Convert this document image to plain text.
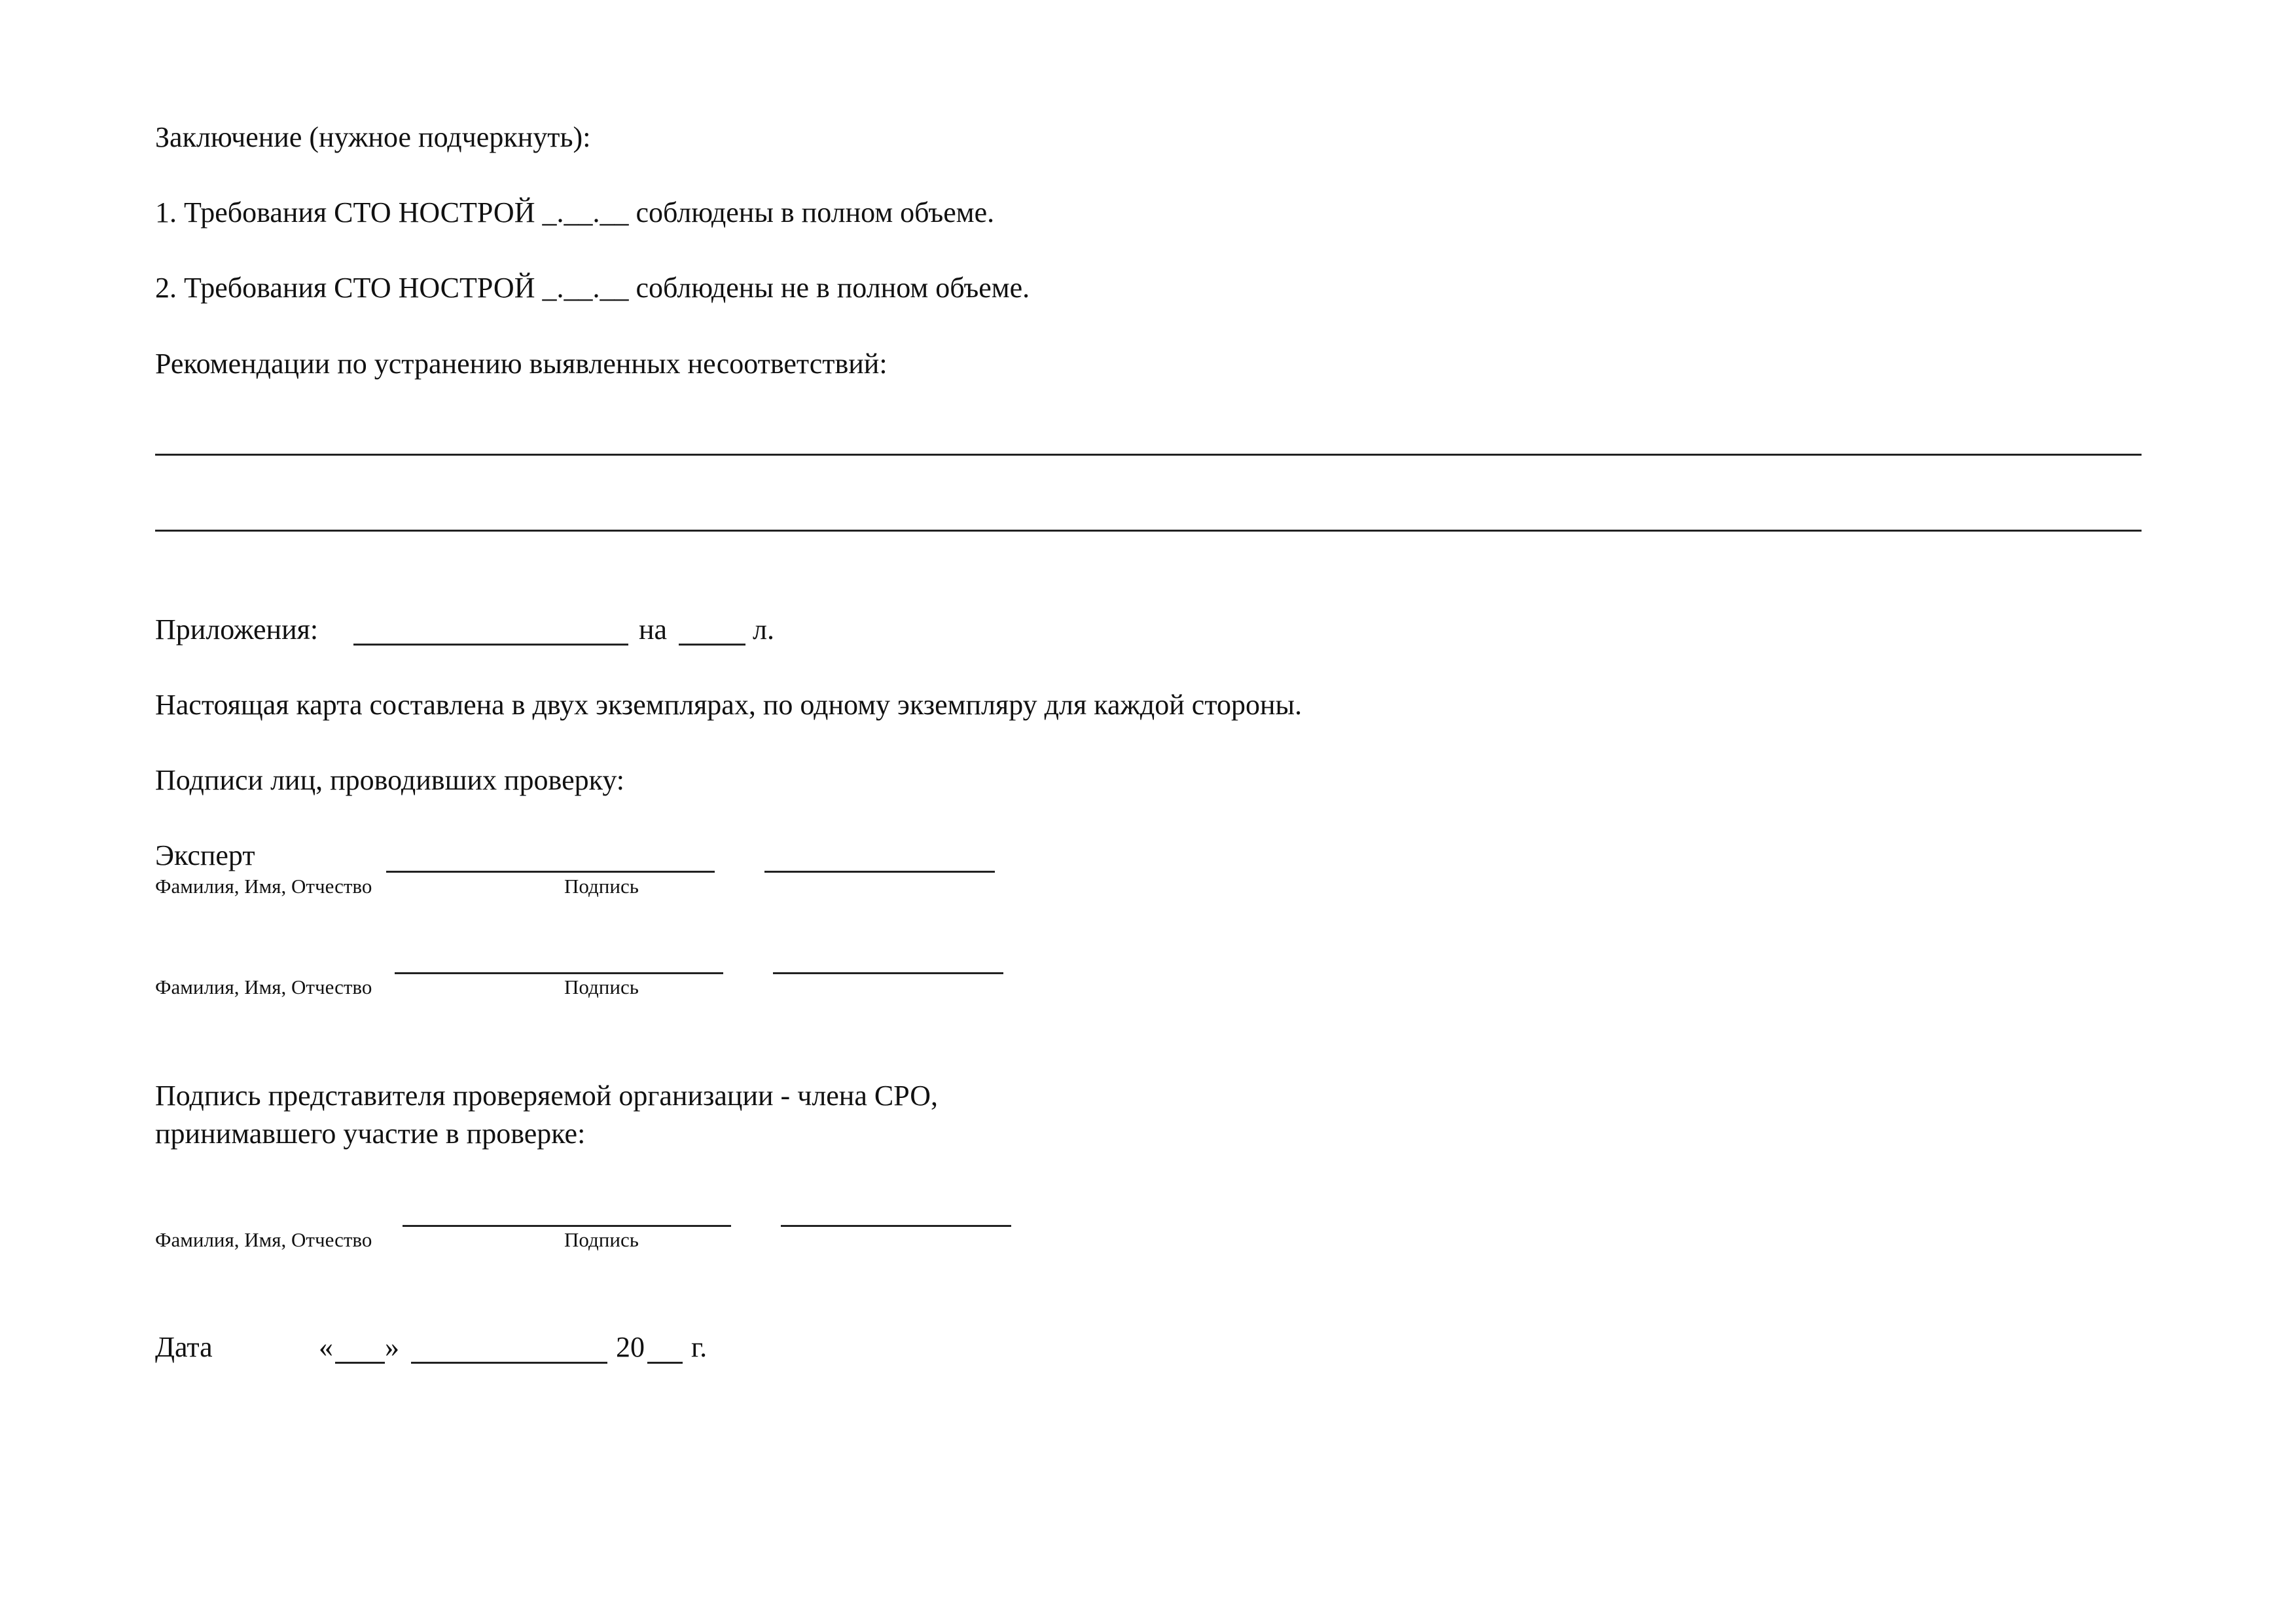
Заключение (нужное подчеркнуть):
1. Требования СТО НОСТРОЙ _.__.__ соблюдены в полном объеме.
2. Требования СТО НОСТРОЙ _.__.__ соблюдены не в полном объеме.
Рекомендации по устранению выявленных несоответствий:
Приложения:	на	л.
Настоящая карта составлена в двух экземплярах, по одному экземпляру для каждой стороны.
Подписи лиц, проводивших проверку:
Эксперт
Фамилия, Имя, Отчество	Подпись
Фамилия, Имя, Отчество	Подпись
Подпись представителя проверяемой организации - члена СРО,
принимавшего участие в проверке:
Фамилия, Имя, Отчество	Подпись
Дата	« »	20 г.
